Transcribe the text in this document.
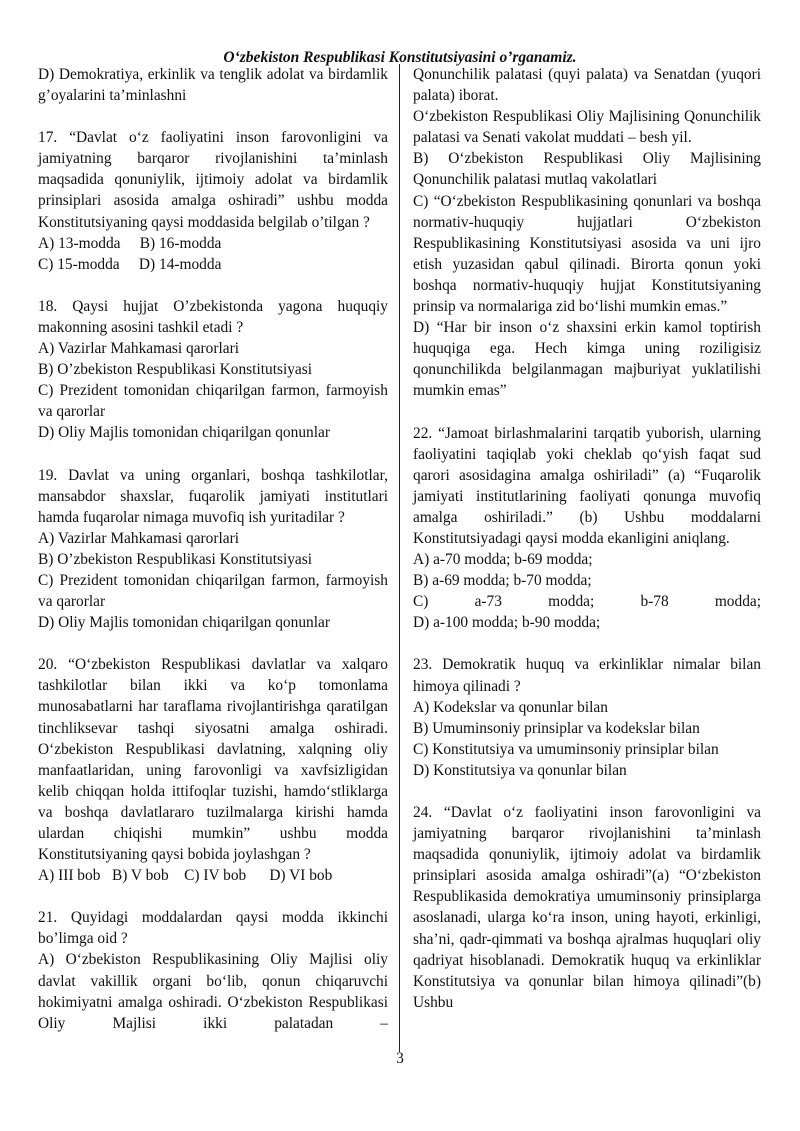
O‘zbekiston Respublikasi Konstitutsiyasini o’rganamiz.

D) Demokratiya, erkinlik va tenglik adolat va birdamlik g’oyalarini ta’minlashni

17. “Davlat o‘z faoliyatini inson farovonligini va jamiyatning barqaror rivojlanishini ta’minlash maqsadida qonuniylik, ijtimoiy adolat va birdamlik prinsiplari asosida amalga oshiradi” ushbu modda Konstitutsiyaning qaysi moddasida belgilab o’tilgan ?

A) 13-modda B) 16-modda
C) 15-modda D) 14-modda

18. Qaysi hujjat O’zbekistonda yagona huquqiy makonning asosini tashkil etadi ?

A) Vazirlar Mahkamasi qarorlari

B) O’zbekiston Respublikasi Konstitutsiyasi

C) Prezident tomonidan chiqarilgan farmon, farmoyish va qarorlar

D) Oliy Majlis tomonidan chiqarilgan qonunlar

19. Davlat va uning organlari, boshqa tashkilotlar, mansabdor shaxslar, fuqarolik jamiyati institutlari hamda fuqarolar nimaga muvofiq ish yuritadilar ?

A) Vazirlar Mahkamasi qarorlari

B) O’zbekiston Respublikasi Konstitutsiyasi

C) Prezident tomonidan chiqarilgan farmon, farmoyish va qarorlar

D) Oliy Majlis tomonidan chiqarilgan qonunlar

20. “O‘zbekiston Respublikasi davlatlar va xalqaro tashkilotlar bilan ikki va ko‘p tomonlama munosabatlarni har taraflama rivojlantirishga qaratilgan tinchliksevar tashqi siyosatni amalga oshiradi. O‘zbekiston Respublikasi davlatning, xalqning oliy manfaatlaridan, uning farovonligi va xavfsizligidan kelib chiqqan holda ittifoqlar tuzishi, hamdo‘stliklarga va boshqa davlatlararo tuzilmalarga kirishi hamda ulardan chiqishi mumkin” ushbu modda Konstitutsiyaning qaysi bobida joylashgan ?

A) III bob B) V bob C) IV bob D) VI bob

21. Quyidagi moddalardan qaysi modda ikkinchi bo’limga oid ?

A) O‘zbekiston Respublikasining Oliy Majlisi oliy davlat vakillik organi bo‘lib, qonun chiqaruvchi hokimiyatni amalga oshiradi. O‘zbekiston Respublikasi Oliy Majlisi ikki palatadan –

Qonunchilik palatasi (quyi palata) va Senatdan (yuqori palata) iborat.

O‘zbekiston Respublikasi Oliy Majlisining Qonunchilik palatasi va Senati vakolat muddati – besh yil.

B) O‘zbekiston Respublikasi Oliy Majlisining Qonunchilik palatasi mutlaq vakolatlari

C) “O‘zbekiston Respublikasining qonunlari va boshqa normativ-huquqiy hujjatlari O‘zbekiston Respublikasining Konstitutsiyasi asosida va uni ijro etish yuzasidan qabul qilinadi. Birorta qonun yoki boshqa normativ-huquqiy hujjat Konstitutsiyaning prinsip va normalariga zid bo‘lishi mumkin emas.”

D) “Har bir inson o‘z shaxsini erkin kamol toptirish huquqiga ega. Hech kimga uning roziligisiz qonunchilikda belgilanmagan majburiyat yuklatilishi mumkin emas”

22. “Jamoat birlashmalarini tarqatib yuborish, ularning faoliyatini taqiqlab yoki cheklab qo‘yish faqat sud qarori asosidagina amalga oshiriladi” (a) “Fuqarolik jamiyati institutlarining faoliyati qonunga muvofiq amalga oshiriladi.” (b) Ushbu moddalarni Konstitutsiyadagi qaysi modda ekanligini aniqlang.

A) a-70 modda; b-69 modda;

B) a-69 modda; b-70 modda;

C) a-73 modda; b-78 modda;

D) a-100 modda; b-90 modda;

23. Demokratik huquq va erkinliklar nimalar bilan himoya qilinadi ?

A) Kodekslar va qonunlar bilan

B) Umuminsoniy prinsiplar va kodekslar bilan

C) Konstitutsiya va umuminsoniy prinsiplar bilan

D) Konstitutsiya va qonunlar bilan

24. “Davlat o‘z faoliyatini inson farovonligini va jamiyatning barqaror rivojlanishini ta’minlash maqsadida qonuniylik, ijtimoiy adolat va birdamlik prinsiplari asosida amalga oshiradi”(a) “O‘zbekiston Respublikasida demokratiya umuminsoniy prinsiplarga asoslanadi, ularga ko‘ra inson, uning hayoti, erkinligi, sha’ni, qadr-qimmati va boshqa ajralmas huquqlari oliy qadriyat hisoblanadi. Demokratik huquq va erkinliklar Konstitutsiya va qonunlar bilan himoya qilinadi”(b) Ushbu

3
